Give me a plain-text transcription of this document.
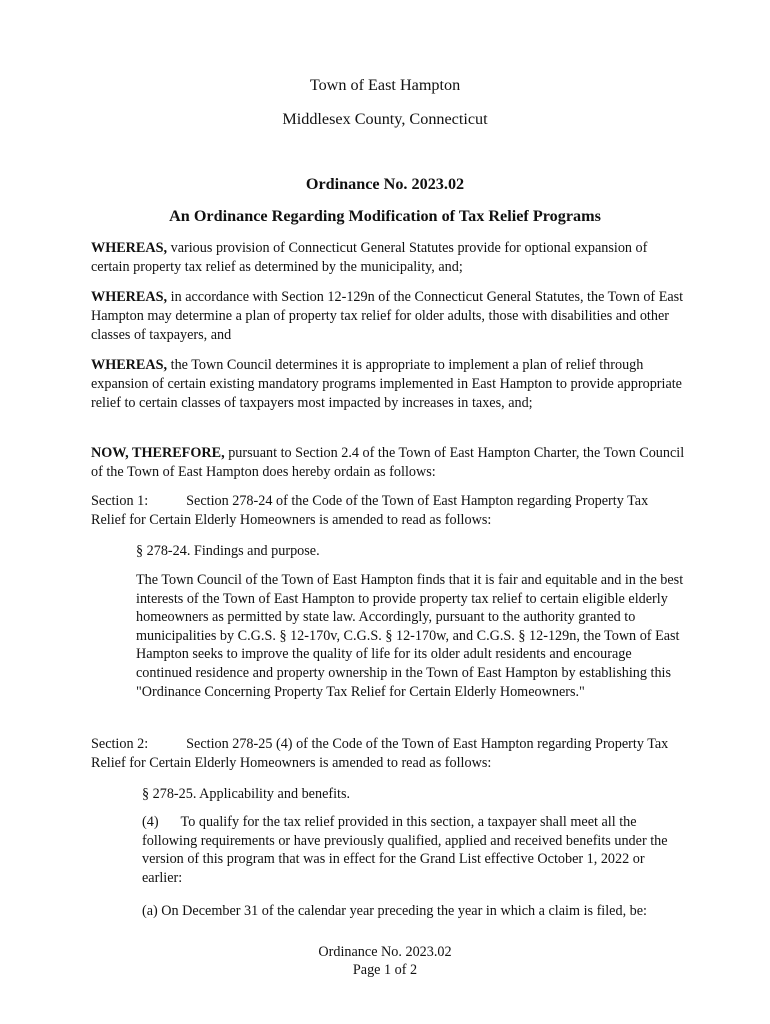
Town of East Hampton

Middlesex County, Connecticut

Ordinance No. 2023.02

An Ordinance Regarding Modification of Tax Relief Programs

WHEREAS, various provision of Connecticut General Statutes provide for optional expansion of certain property tax relief as determined by the municipality, and;

WHEREAS, in accordance with Section 12-129n of the Connecticut General Statutes, the Town of East Hampton may determine a plan of property tax relief for older adults, those with disabilities and other classes of taxpayers, and

WHEREAS, the Town Council determines it is appropriate to implement a plan of relief through expansion of certain existing mandatory programs implemented in East Hampton to provide appropriate relief to certain classes of taxpayers most impacted by increases in taxes, and;

NOW, THEREFORE, pursuant to Section 2.4 of the Town of East Hampton Charter, the Town Council of the Town of East Hampton does hereby ordain as follows:

Section 1:	Section 278-24 of the Code of the Town of East Hampton regarding Property Tax Relief for Certain Elderly Homeowners is amended to read as follows:

§ 278-24. Findings and purpose.

The Town Council of the Town of East Hampton finds that it is fair and equitable and in the best interests of the Town of East Hampton to provide property tax relief to certain eligible elderly homeowners as permitted by state law. Accordingly, pursuant to the authority granted to municipalities by C.G.S. § 12-170v, C.G.S. § 12-170w, and C.G.S. § 12-129n, the Town of East Hampton seeks to improve the quality of life for its older adult residents and encourage continued residence and property ownership in the Town of East Hampton by establishing this "Ordinance Concerning Property Tax Relief for Certain Elderly Homeowners."

Section 2:	Section 278-25 (4) of the Code of the Town of East Hampton regarding Property Tax Relief for Certain Elderly Homeowners is amended to read as follows:

§ 278-25. Applicability and benefits.

(4) To qualify for the tax relief provided in this section, a taxpayer shall meet all the following requirements or have previously qualified, applied and received benefits under the version of this program that was in effect for the Grand List effective October 1, 2022 or earlier:

(a) On December 31 of the calendar year preceding the year in which a claim is filed, be:

Ordinance No. 2023.02
Page 1 of 2
